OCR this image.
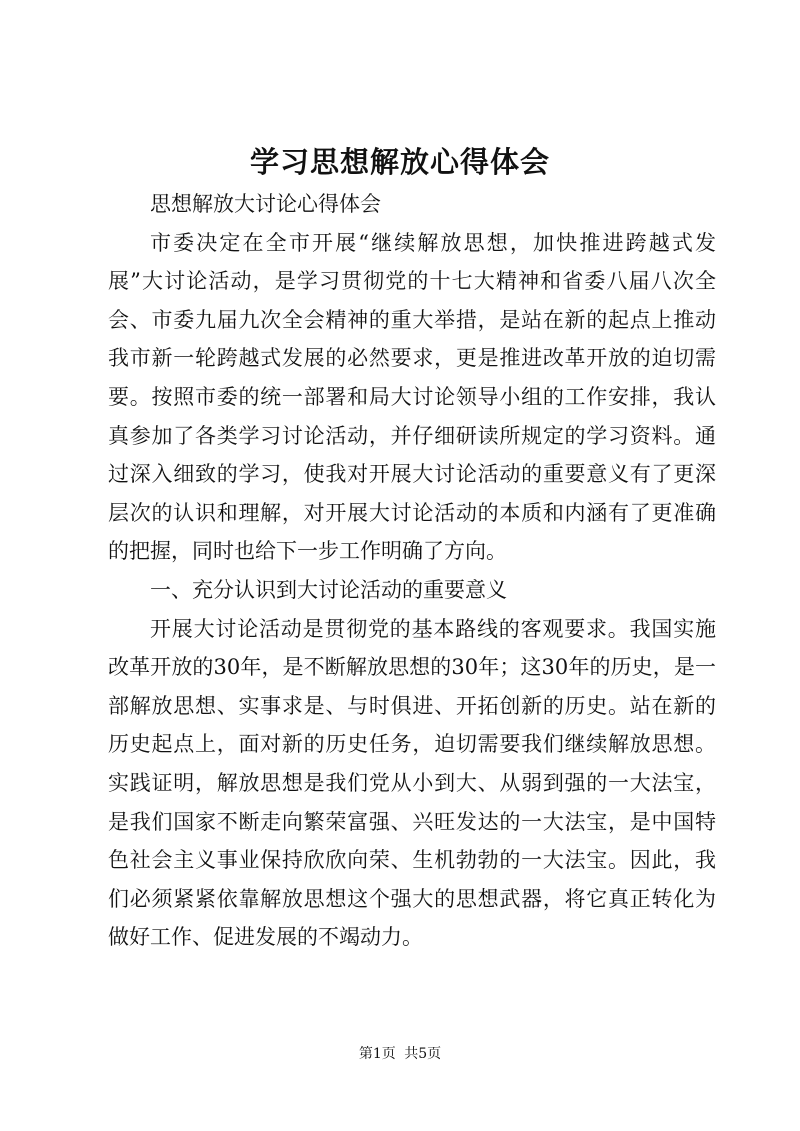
学习思想解放心得体会

思想解放大讨论心得体会

市委决定在全市开展“继续解放思想，加快推进跨越式发展”大讨论活动，是学习贯彻党的十七大精神和省委八届八次全会、市委九届九次全会精神的重大举措，是站在新的起点上推动我市新一轮跨越式发展的必然要求，更是推进改革开放的迫切需要。按照市委的统一部署和局大讨论领导小组的工作安排，我认真参加了各类学习讨论活动，并仔细研读所规定的学习资料。通过深入细致的学习，使我对开展大讨论活动的重要意义有了更深层次的认识和理解，对开展大讨论活动的本质和内涵有了更准确的把握，同时也给下一步工作明确了方向。

一、充分认识到大讨论活动的重要意义

开展大讨论活动是贯彻党的基本路线的客观要求。我国实施改革开放的30年，是不断解放思想的30年；这30年的历史，是一部解放思想、实事求是、与时俱进、开拓创新的历史。站在新的历史起点上，面对新的历史任务，迫切需要我们继续解放思想。实践证明，解放思想是我们党从小到大、从弱到强的一大法宝，是我们国家不断走向繁荣富强、兴旺发达的一大法宝，是中国特色社会主义事业保持欣欣向荣、生机勃勃的一大法宝。因此，我们必须紧紧依靠解放思想这个强大的思想武器，将它真正转化为做好工作、促进发展的不竭动力。

第1页 共5页
